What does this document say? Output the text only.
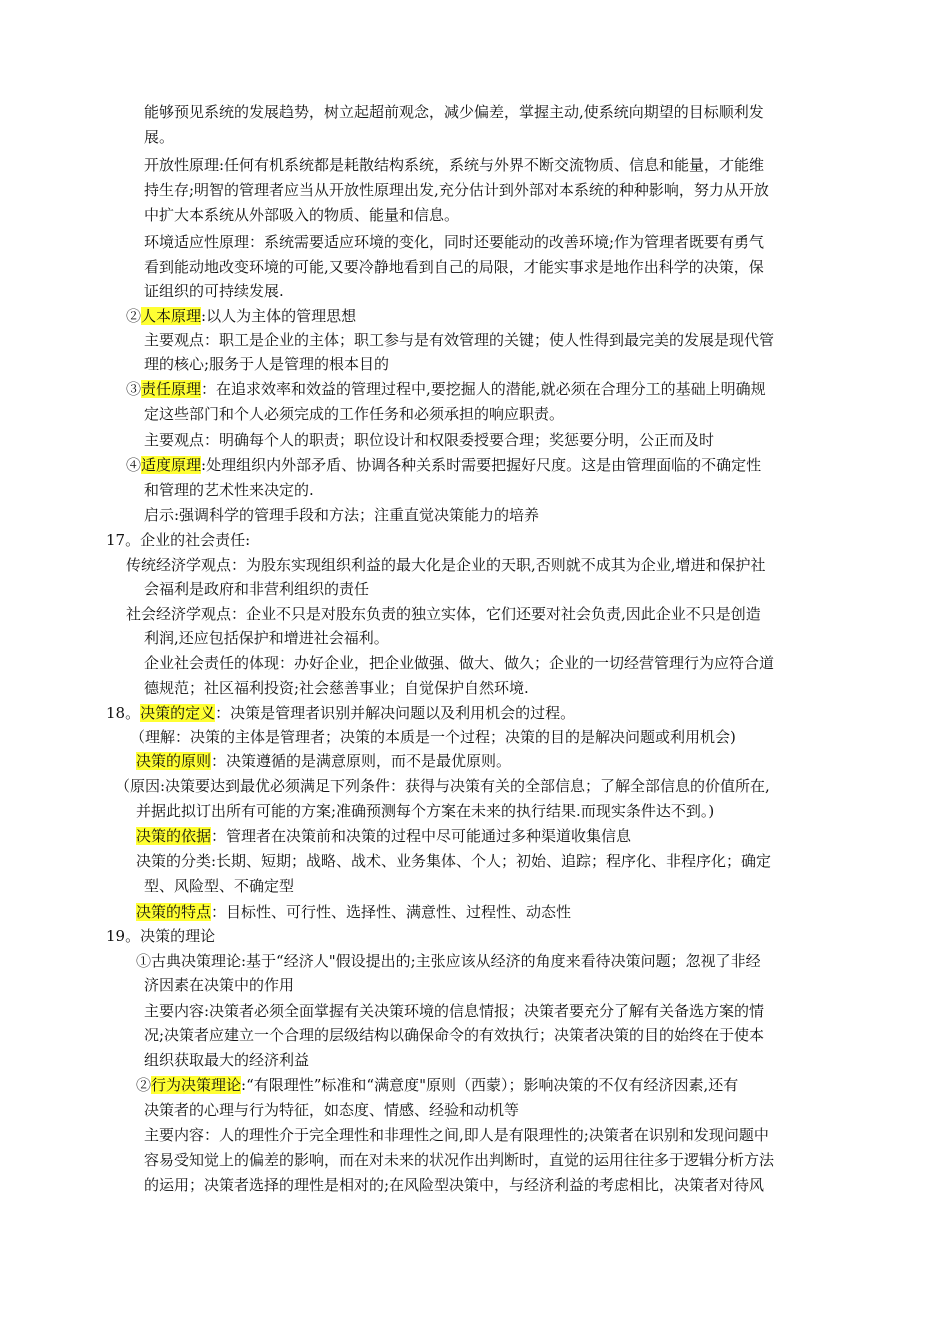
能够预见系统的发展趋势，树立起超前观念，减少偏差，掌握主动,使系统向期望的目标顺利发
展。
开放性原理:任何有机系统都是耗散结构系统，系统与外界不断交流物质、信息和能量，才能维
持生存;明智的管理者应当从开放性原理出发,充分估计到外部对本系统的种种影响，努力从开放
中扩大本系统从外部吸入的物质、能量和信息。
环境适应性原理：系统需要适应环境的变化，同时还要能动的改善环境;作为管理者既要有勇气
看到能动地改变环境的可能,又要冷静地看到自己的局限，才能实事求是地作出科学的决策，保
证组织的可持续发展.
②人本原理:以人为主体的管理思想
主要观点：职工是企业的主体；职工参与是有效管理的关键；使人性得到最完美的发展是现代管
理的核心;服务于人是管理的根本目的
③责任原理：在追求效率和效益的管理过程中,要挖掘人的潜能,就必须在合理分工的基础上明确规
定这些部门和个人必须完成的工作任务和必须承担的响应职责。
主要观点：明确每个人的职责；职位设计和权限委授要合理；奖惩要分明，公正而及时
④适度原理:处理组织内外部矛盾、协调各种关系时需要把握好尺度。这是由管理面临的不确定性
和管理的艺术性来决定的.
启示:强调科学的管理手段和方法；注重直觉决策能力的培养
17。企业的社会责任:
传统经济学观点：为股东实现组织利益的最大化是企业的天职,否则就不成其为企业,增进和保护社
会福利是政府和非营利组织的责任
社会经济学观点：企业不只是对股东负责的独立实体，它们还要对社会负责,因此企业不只是创造
利润,还应包括保护和增进社会福利。
企业社会责任的体现：办好企业，把企业做强、做大、做久；企业的一切经营管理行为应符合道
德规范；社区福利投资;社会慈善事业；自觉保护自然环境.
18。决策的定义：决策是管理者识别并解决问题以及利用机会的过程。
（理解：决策的主体是管理者；决策的本质是一个过程；决策的目的是解决问题或利用机会)
决策的原则：决策遵循的是满意原则，而不是最优原则。
（原因:决策要达到最优必须满足下列条件：获得与决策有关的全部信息；了解全部信息的价值所在,
并据此拟订出所有可能的方案;准确预测每个方案在未来的执行结果.而现实条件达不到。)
决策的依据：管理者在决策前和决策的过程中尽可能通过多种渠道收集信息
决策的分类:长期、短期；战略、战术、业务集体、个人；初始、追踪；程序化、非程序化；确定
型、风险型、不确定型
决策的特点：目标性、可行性、选择性、满意性、过程性、动态性
19。决策的理论
①古典决策理论:基于“经济人"假设提出的;主张应该从经济的角度来看待决策问题；忽视了非经
济因素在决策中的作用
主要内容:决策者必须全面掌握有关决策环境的信息情报；决策者要充分了解有关备选方案的情
况;决策者应建立一个合理的层级结构以确保命令的有效执行；决策者决策的目的始终在于使本
组织获取最大的经济利益
②行为决策理论:“有限理性”标准和“满意度"原则（西蒙）；影响决策的不仅有经济因素,还有
决策者的心理与行为特征，如态度、情感、经验和动机等
主要内容：人的理性介于完全理性和非理性之间,即人是有限理性的;决策者在识别和发现问题中
容易受知觉上的偏差的影响，而在对未来的状况作出判断时，直觉的运用往往多于逻辑分析方法
的运用；决策者选择的理性是相对的;在风险型决策中，与经济利益的考虑相比，决策者对待风
